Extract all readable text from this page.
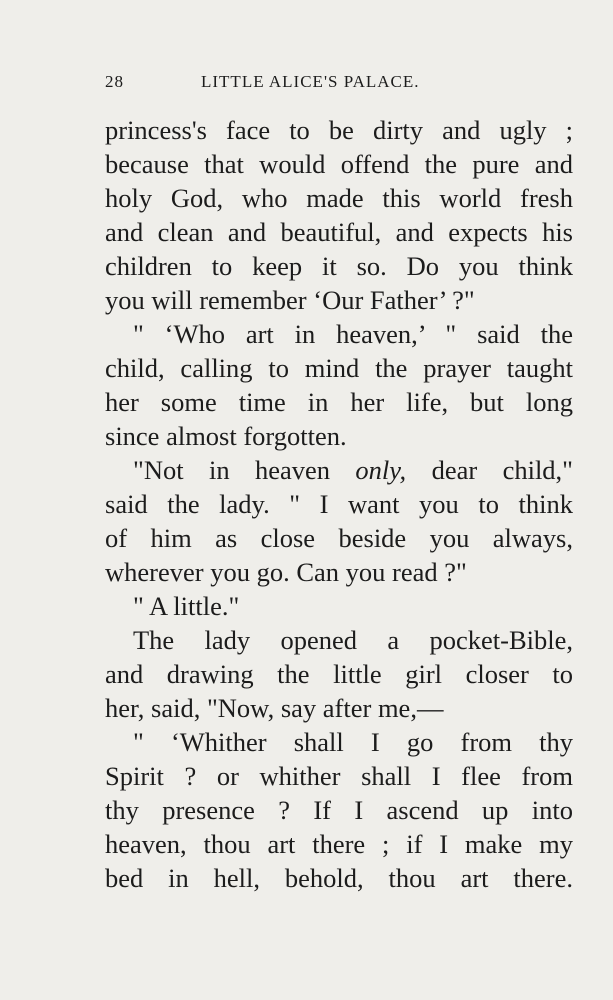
28	LITTLE ALICE'S PALACE.
princess's face to be dirty and ugly ;
because that would offend the pure and
holy God, who made this world fresh
and clean and beautiful, and expects his
children to keep it so. Do you think
you will remember ‘Our Father’ ?"
" ‘Who art in heaven,’ " said the
child, calling to mind the prayer taught
her some time in her life, but long
since almost forgotten.
"Not in heaven only, dear child,"
said the lady. " I want you to think
of him as close beside you always,
wherever you go. Can you read ?"
" A little."
The lady opened a pocket-Bible,
and drawing the little girl closer to
her, said, "Now, say after me,—
" ‘Whither shall I go from thy
Spirit ? or whither shall I flee from
thy presence ? If I ascend up into
heaven, thou art there ; if I make my
bed in hell, behold, thou art there.
